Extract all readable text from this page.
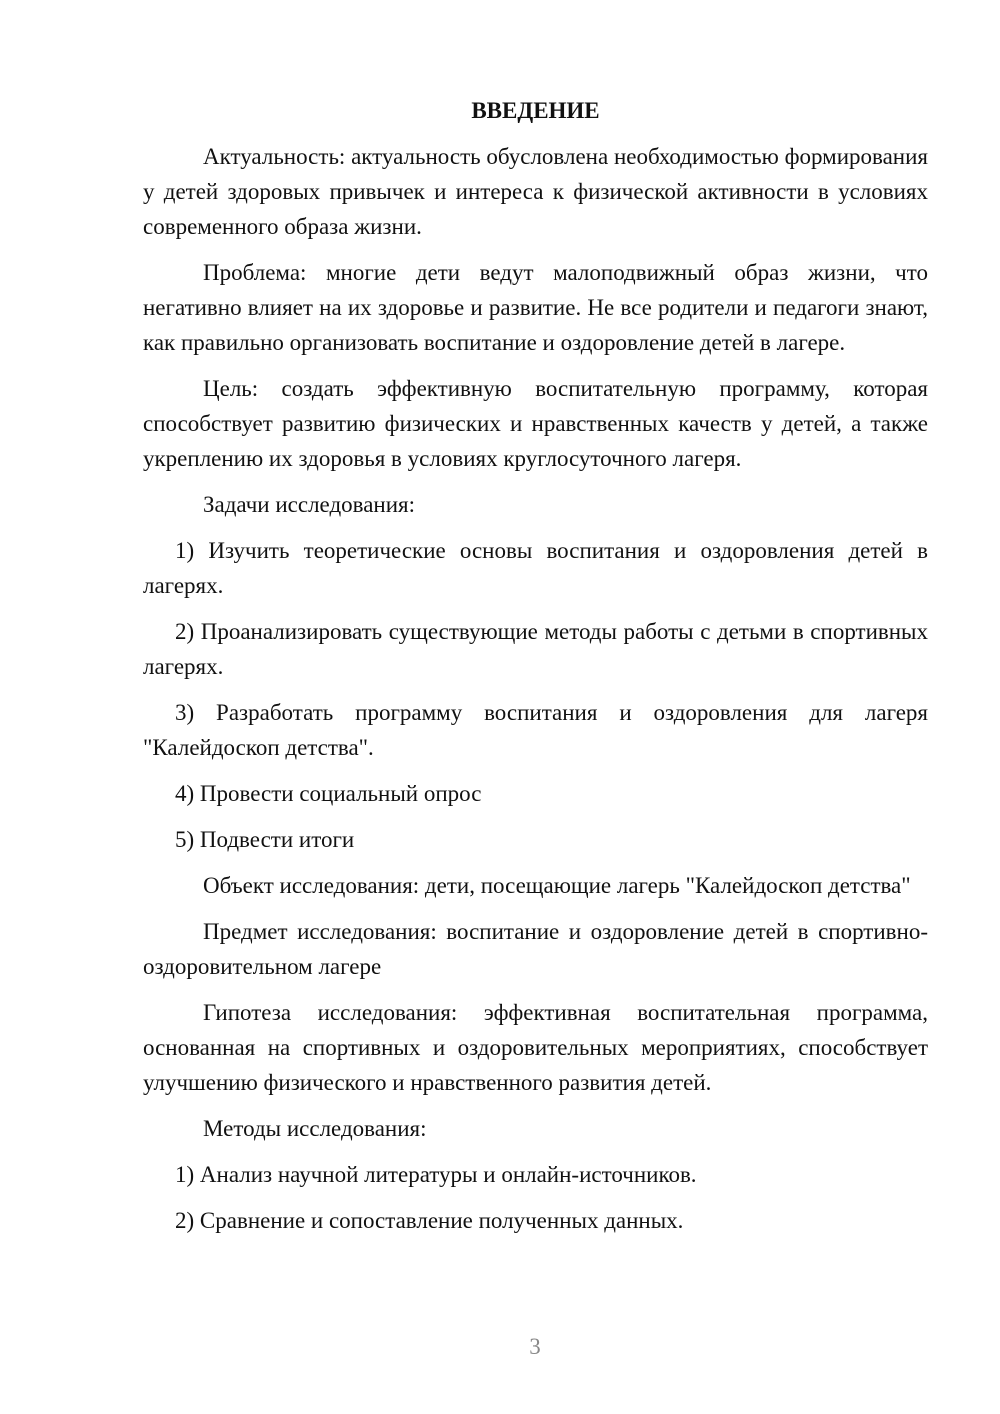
ВВЕДЕНИЕ

Актуальность: актуальность обусловлена необходимостью формирования у детей здоровых привычек и интереса к физической активности в условиях современного образа жизни.

Проблема: многие дети ведут малоподвижный образ жизни, что негативно влияет на их здоровье и развитие. Не все родители и педагоги знают, как правильно организовать воспитание и оздоровление детей в лагере.

Цель: создать эффективную воспитательную программу, которая способствует развитию физических и нравственных качеств у детей, а также укреплению их здоровья в условиях круглосуточного лагеря.

Задачи исследования:

1) Изучить теоретические основы воспитания и оздоровления детей в лагерях.

2) Проанализировать существующие методы работы с детьми в спортивных лагерях.

3) Разработать программу воспитания и оздоровления для лагеря "Калейдоскоп детства".

4) Провести социальный опрос

5) Подвести итоги

Объект исследования: дети, посещающие лагерь "Калейдоскоп детства"

Предмет исследования: воспитание и оздоровление детей в спортивно-оздоровительном лагере

Гипотеза исследования: эффективная воспитательная программа, основанная на спортивных и оздоровительных мероприятиях, способствует улучшению физического и нравственного развития детей.

Методы исследования:

1) Анализ научной литературы и онлайн-источников.

2) Сравнение и сопоставление полученных данных.

3
